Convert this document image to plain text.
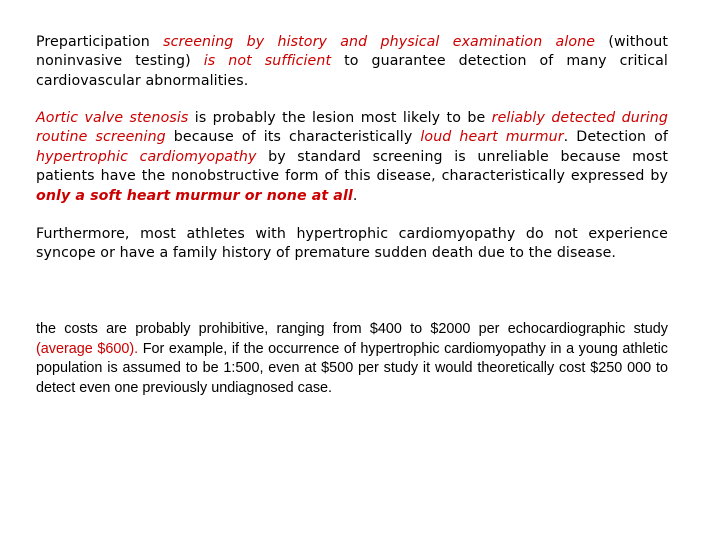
Preparticipation screening by history and physical examination alone (without noninvasive testing) is not sufficient to guarantee detection of many critical cardiovascular abnormalities.
Aortic valve stenosis is probably the lesion most likely to be reliably detected during routine screening because of its characteristically loud heart murmur. Detection of hypertrophic cardiomyopathy by standard screening is unreliable because most patients have the nonobstructive form of this disease, characteristically expressed by only a soft heart murmur or none at all.
Furthermore, most athletes with hypertrophic cardiomyopathy do not experience syncope or have a family history of premature sudden death due to the disease.
the costs are probably prohibitive, ranging from $400 to $2000 per echocardiographic study (average $600). For example, if the occurrence of hypertrophic cardiomyopathy in a young athletic population is assumed to be 1:500, even at $500 per study it would theoretically cost $250 000 to detect even one previously undiagnosed case.
